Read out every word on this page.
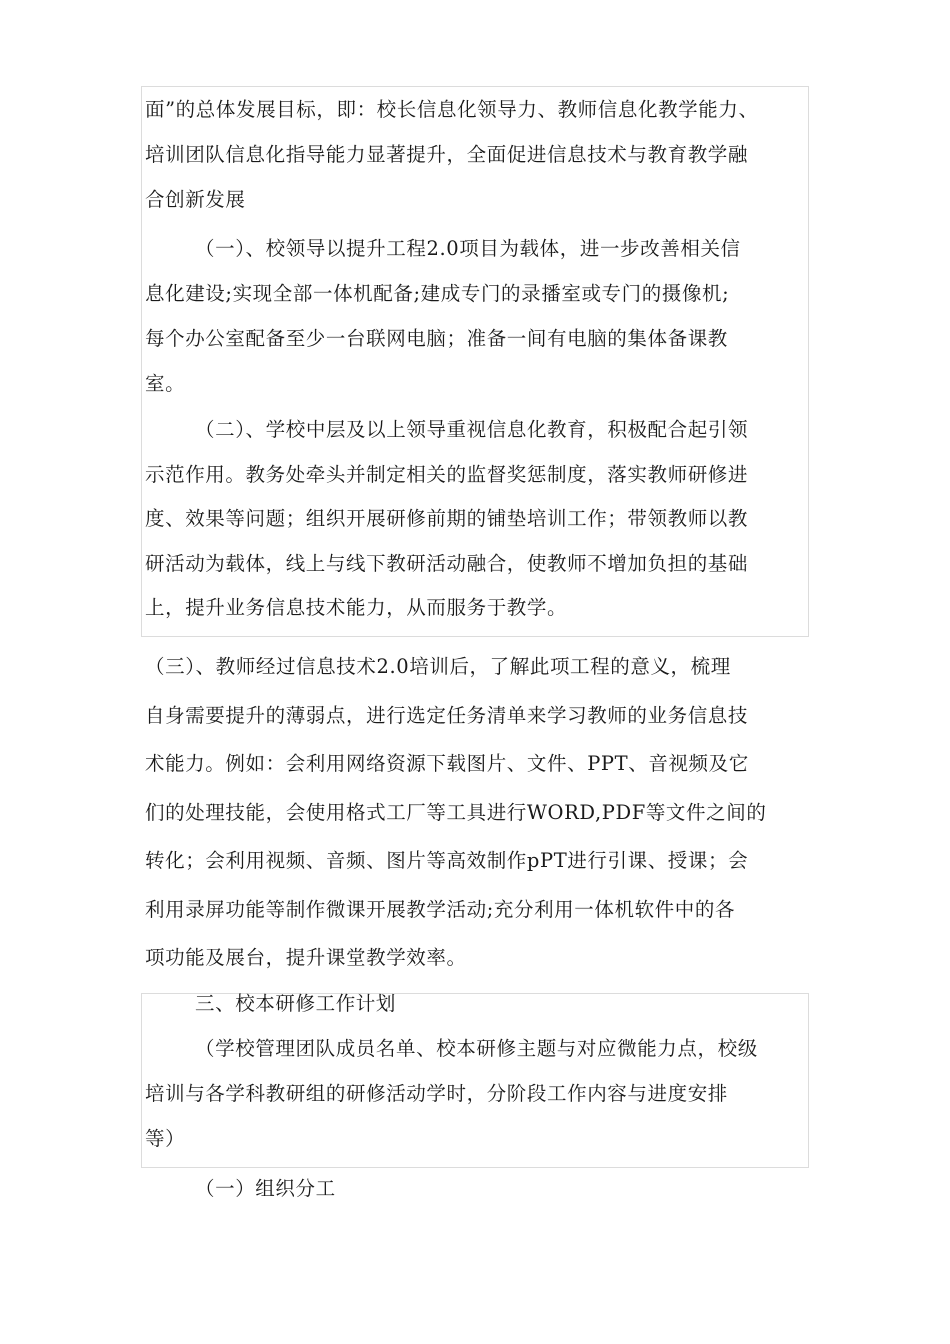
面”的总体发展目标，即：校长信息化领导力、教师信息化教学能力、
培训团队信息化指导能力显著提升，全面促进信息技术与教育教学融
合创新发展
（一）、校领导以提升工程2.0项目为载体，进一步改善相关信
息化建设;实现全部一体机配备;建成专门的录播室或专门的摄像机;
每个办公室配备至少一台联网电脑；准备一间有电脑的集体备课教
室。
（二）、学校中层及以上领导重视信息化教育，积极配合起引领
示范作用。教务处牵头并制定相关的监督奖惩制度，落实教师研修进
度、效果等问题；组织开展研修前期的铺垫培训工作；带领教师以教
研活动为载体，线上与线下教研活动融合，使教师不增加负担的基础
上，提升业务信息技术能力，从而服务于教学。
（三）、教师经过信息技术2.0培训后，了解此项工程的意义，梳理
自身需要提升的薄弱点，进行选定任务清单来学习教师的业务信息技
术能力。例如：会利用网络资源下载图片、文件、PPT、音视频及它
们的处理技能，会使用格式工厂等工具进行WORD,PDF等文件之间的
转化；会利用视频、音频、图片等高效制作pPT进行引课、授课；会
利用录屏功能等制作微课开展教学活动;充分利用一体机软件中的各
项功能及展台，提升课堂教学效率。
三、校本研修工作计划
（学校管理团队成员名单、校本研修主题与对应微能力点，校级
培训与各学科教研组的研修活动学时，分阶段工作内容与进度安排
等）
（一）组织分工
